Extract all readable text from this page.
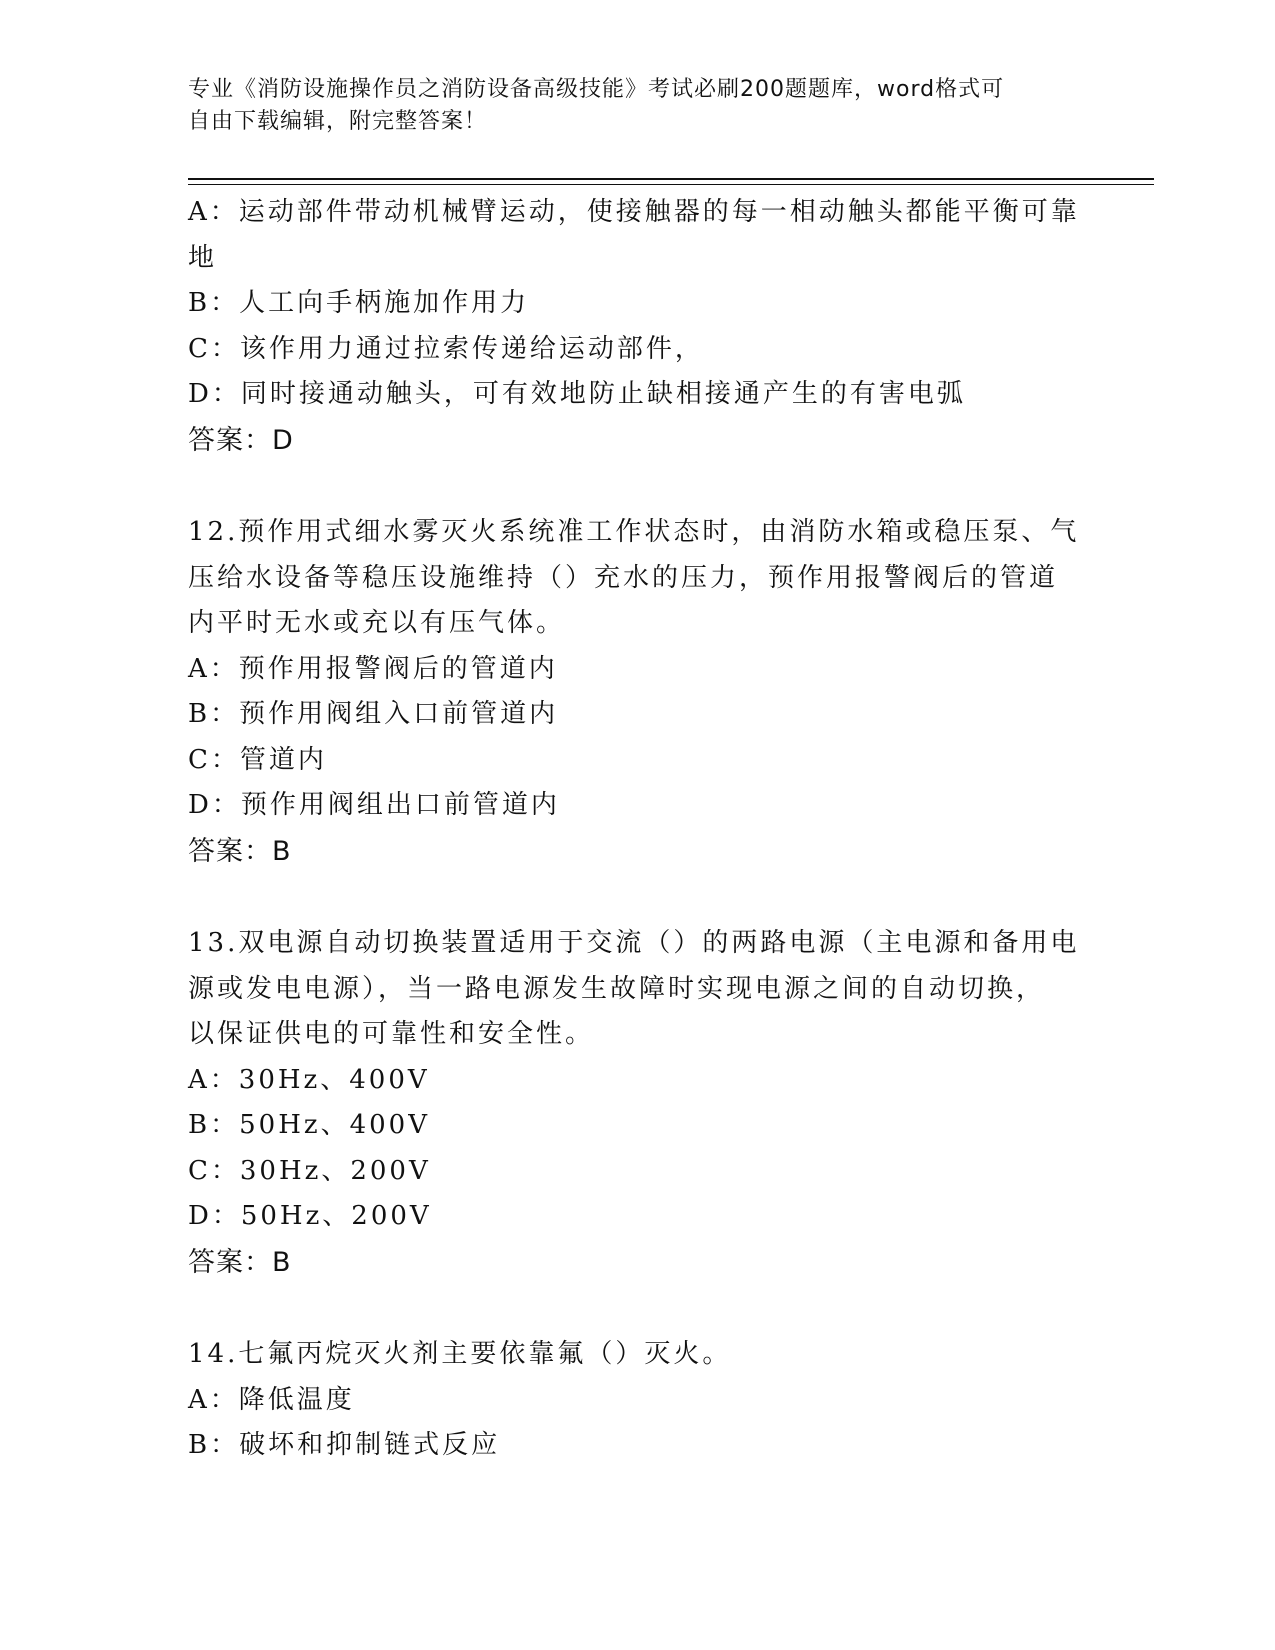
专业《消防设施操作员之消防设备高级技能》考试必刷200题题库，word格式可
自由下载编辑，附完整答案！
A：运动部件带动机械臂运动，使接触器的每一相动触头都能平衡可靠
地
B：人工向手柄施加作用力
C：该作用力通过拉索传递给运动部件，
D：同时接通动触头，可有效地防止缺相接通产生的有害电弧
答案：D
12.预作用式细水雾灭火系统准工作状态时，由消防水箱或稳压泵、气
压给水设备等稳压设施维持（）充水的压力，预作用报警阀后的管道
内平时无水或充以有压气体。
A：预作用报警阀后的管道内
B：预作用阀组入口前管道内
C：管道内
D：预作用阀组出口前管道内
答案：B
13.双电源自动切换装置适用于交流（）的两路电源（主电源和备用电
源或发电电源），当一路电源发生故障时实现电源之间的自动切换，
以保证供电的可靠性和安全性。
A：30Hz、400V
B：50Hz、400V
C：30Hz、200V
D：50Hz、200V
答案：B
14.七氟丙烷灭火剂主要依靠氟（）灭火。
A：降低温度
B：破坏和抑制链式反应
